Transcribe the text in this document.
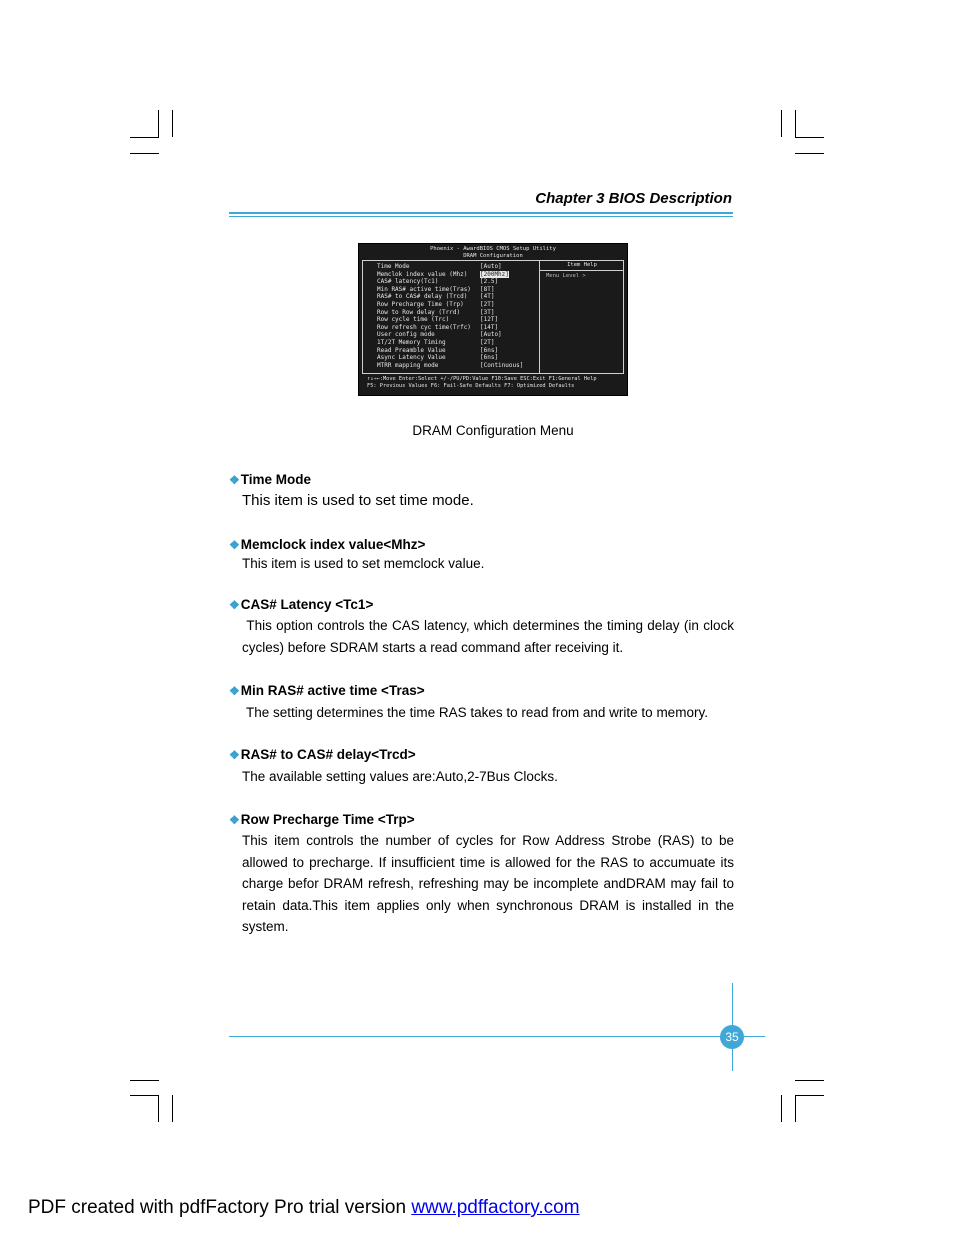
Chapter 3 BIOS Description
Phoenix - AwardBIOS CMOS Setup Utility
DRAM Configuration
Time Mode	[Auto]
Memclok index value (Mhz) [200Mhz]
CAS# latency(Tc1)	[2.5]
Min RAS# active time(Tras) [8T]
RAS# to CAS# delay (Trcd) [4T]
Row Precharge Time (Trp)	[2T]
Row to Row delay (Trrd)	[3T]
Row cycle time (Trc)	[12T]
Row refresh cyc time(Trfc) [14T]
User config mode	[Auto]
1T/2T Memory Timing	[2T]
Read Preamble Value	[6ns]
Async Latency Value	[6ns]
MTRR mapping mode	[Continuous]
Item Help
Menu Level >
↑↓→←:Move Enter:Select +/-/PU/PD:Value F10:Save ESC:Exit F1:General Help
F5: Previous Values F6: Fail-Safe Defaults F7: Optimized Defaults
DRAM Configuration Menu
❖Time Mode
This item is used to set time mode.
❖Memclock index value<Mhz>
This item is used to set memclock value.
❖CAS# Latency <Tc1>
This option controls the CAS latency, which determines the timing delay (in clock cycles) before SDRAM starts a read command after receiving it.
❖Min RAS# active time <Tras>
The setting determines the time RAS takes to read from and write to memory.
❖RAS# to CAS# delay<Trcd>
The available setting values are:Auto,2-7Bus Clocks.
❖Row Precharge Time <Trp>
This item controls the number of cycles for Row Address Strobe (RAS) to be allowed to precharge. If insufficient time is allowed for the RAS to accumuate its charge befor DRAM refresh, refreshing may be incomplete andDRAM may fail to retain data.This item applies only when synchronous DRAM is installed in the system.
35
PDF created with pdfFactory Pro trial version www.pdffactory.com
